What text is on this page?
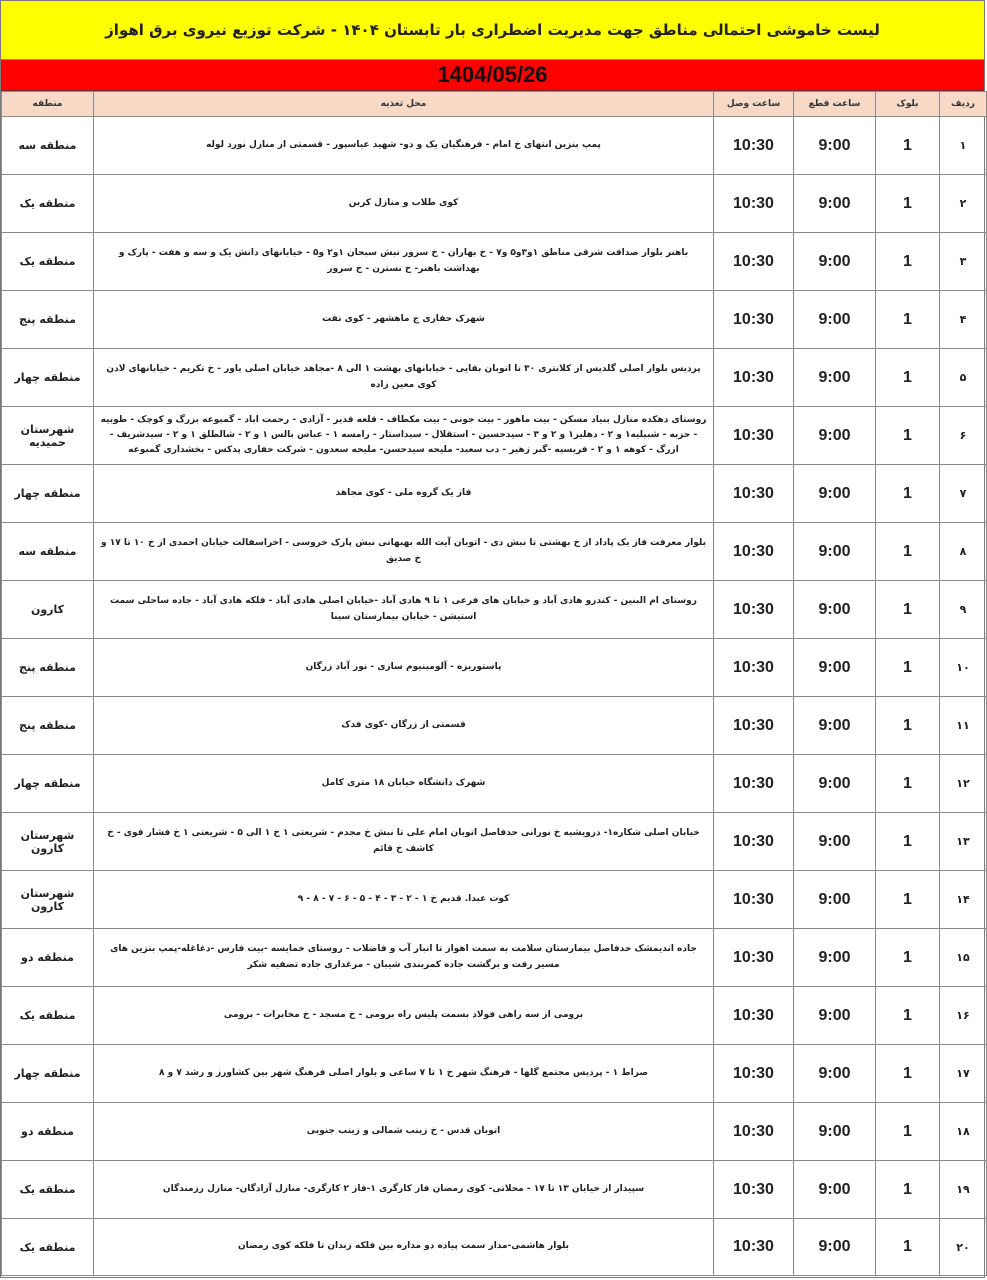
لیست خاموشی احتمالی مناطق جهت مدیریت اضطراری بار تابستان ۱۴۰۴ - شرکت توزیع نیروی برق اهواز
1404/05/26
ردیف	بلوک	ساعت قطع	ساعت وصل	محل تغذیه	منطقه
۱	1	9:00	10:30	پمپ بنزین انتهای خ امام - فرهنگیان یک و دو- شهید عباسپور - قسمتی از منازل نورد لوله	منطقه سه
۲	1	9:00	10:30	کوی طلاب و منازل کربن	منطقه یک
۳	1	9:00	10:30	باهنر بلوار صداقت شرقی مناطق ۱و۳و۵ و۷ - خ بهاران - خ سرور نبش سبحان ۱و۲ و۵ - خیابانهای دانش یک و سه و هفت - پارک و بهداشت باهنر- خ نسترن - خ سرور	منطقه یک
۴	1	9:00	10:30	شهرک حفاری ج ماهشهر - کوی نفت	منطقه پنج
۵	1	9:00	10:30	پردیس بلوار اصلی گلدیس از کلانتری ۳۰ تا اتوبان بقایی - خیابانهای بهشت ۱ الی ۸ -مجاهد خیابان اصلی یاور - خ تکریم - خیابانهای لادن کوی معین زاده	منطقه چهار
۶	1	9:00	10:30	روستای دهکده منازل بنیاد مسکن - بیت ماهور - بیت جونی - بیت مکطاف - قلعه قدیر - آزادی - رحمت اباد - گمبوعه بزرگ و کوچک - طوبیه - حزبه - شبیلیه۱ و ۲ - دهلیز۱ و ۲ و ۳ - سیدحسین - استقلال - سیداستار - رامسه ۱ - عباس بالس ۱ و ۲ - شالطلق ۱ و ۲ - سیدشریف - ازرگ - کوهه ۱ و ۲ - فریسیه -گبر زهیر - دب سعید- ملیحه سیدحسن- ملیحه سعدون - شرکت حفاری پدکس - بخشداری گمبوعه	شهرستان حمیدیه
۷	1	9:00	10:30	فاز یک گروه ملی - کوی مجاهد	منطقه چهار
۸	1	9:00	10:30	بلوار معرفت فاز یک پاداد از خ بهشتی تا نبش دی - اتوبان آیت الله بهبهانی نبش پارک خروسی - اخراسفالت خیابان احمدی از خ ۱۰ تا ۱۷ و خ صدیق	منطقه سه
۹	1	9:00	10:30	روستای ام البنین - کندرو هادی آباد و خیابان های فرعی ۱ تا ۹ هادی آباد -خیابان اصلی هادی آباد - فلکه هادی آباد - جاده ساحلی سمت استیشن - خیابان بیمارستان سینا	کارون
۱۰	1	9:00	10:30	پاستوریزه - آلومینیوم سازی - نور آباد زرگان	منطقه پنج
۱۱	1	9:00	10:30	قسمتی از زرگان -کوی فدک	منطقه پنج
۱۲	1	9:00	10:30	شهرک دانشگاه خیابان ۱۸ متری کامل	منطقه چهار
۱۳	1	9:00	10:30	خیابان اصلی شکاره۱- درویشیه خ نورانی حدفاصل اتوبان امام علی تا نبش خ مجدم - شریعتی ۱ خ ۱ الی ۵ - شریعتی ۱ خ فشار قوی - خ کاشف خ قائم	شهرستان کارون
۱۴	1	9:00	10:30	کوت عبدا. قدیم خ ۱ - ۲ - ۳ - ۴ - ۵ - ۶ - ۷ - ۸ - ۹	شهرستان کارون
۱۵	1	9:00	10:30	جاده اندیمشک حدفاصل بیمارستان سلامت به سمت اهواز تا انبار آب و فاضلاب - روستای خمایسه -بیت فارس -دغاغله-پمپ بنزین های مسیر رفت و برگشت جاده کمربندی شیبان - مرغداری جاده تصفیه شکر	منطقه دو
۱۶	1	9:00	10:30	برومی از سه راهی فولاد بسمت پلیس راه برومی - خ مسجد - خ مخابرات - برومی	منطقه یک
۱۷	1	9:00	10:30	صراط ۱ - پردیس مجتمع گلها - فرهنگ شهر خ ۱ تا ۷ ساعی و بلوار اصلی فرهنگ شهر بین کشاورز و رشد ۷ و ۸	منطقه چهار
۱۸	1	9:00	10:30	اتوبان قدس - خ زینب شمالی و زینب جنوبی	منطقه دو
۱۹	1	9:00	10:30	سپیدار از خیابان ۱۳ تا ۱۷ - محلاتی- کوی رمضان فاز کارگری ۱-فاز ۲ کارگری- منازل آزادگان- منازل رزمندگان	منطقه یک
۲۰	1	9:00	10:30	بلوار هاشمی-مدار سمت پیاده دو مداره بین فلکه زندان تا فلکه کوی رمضان	منطقه یک
